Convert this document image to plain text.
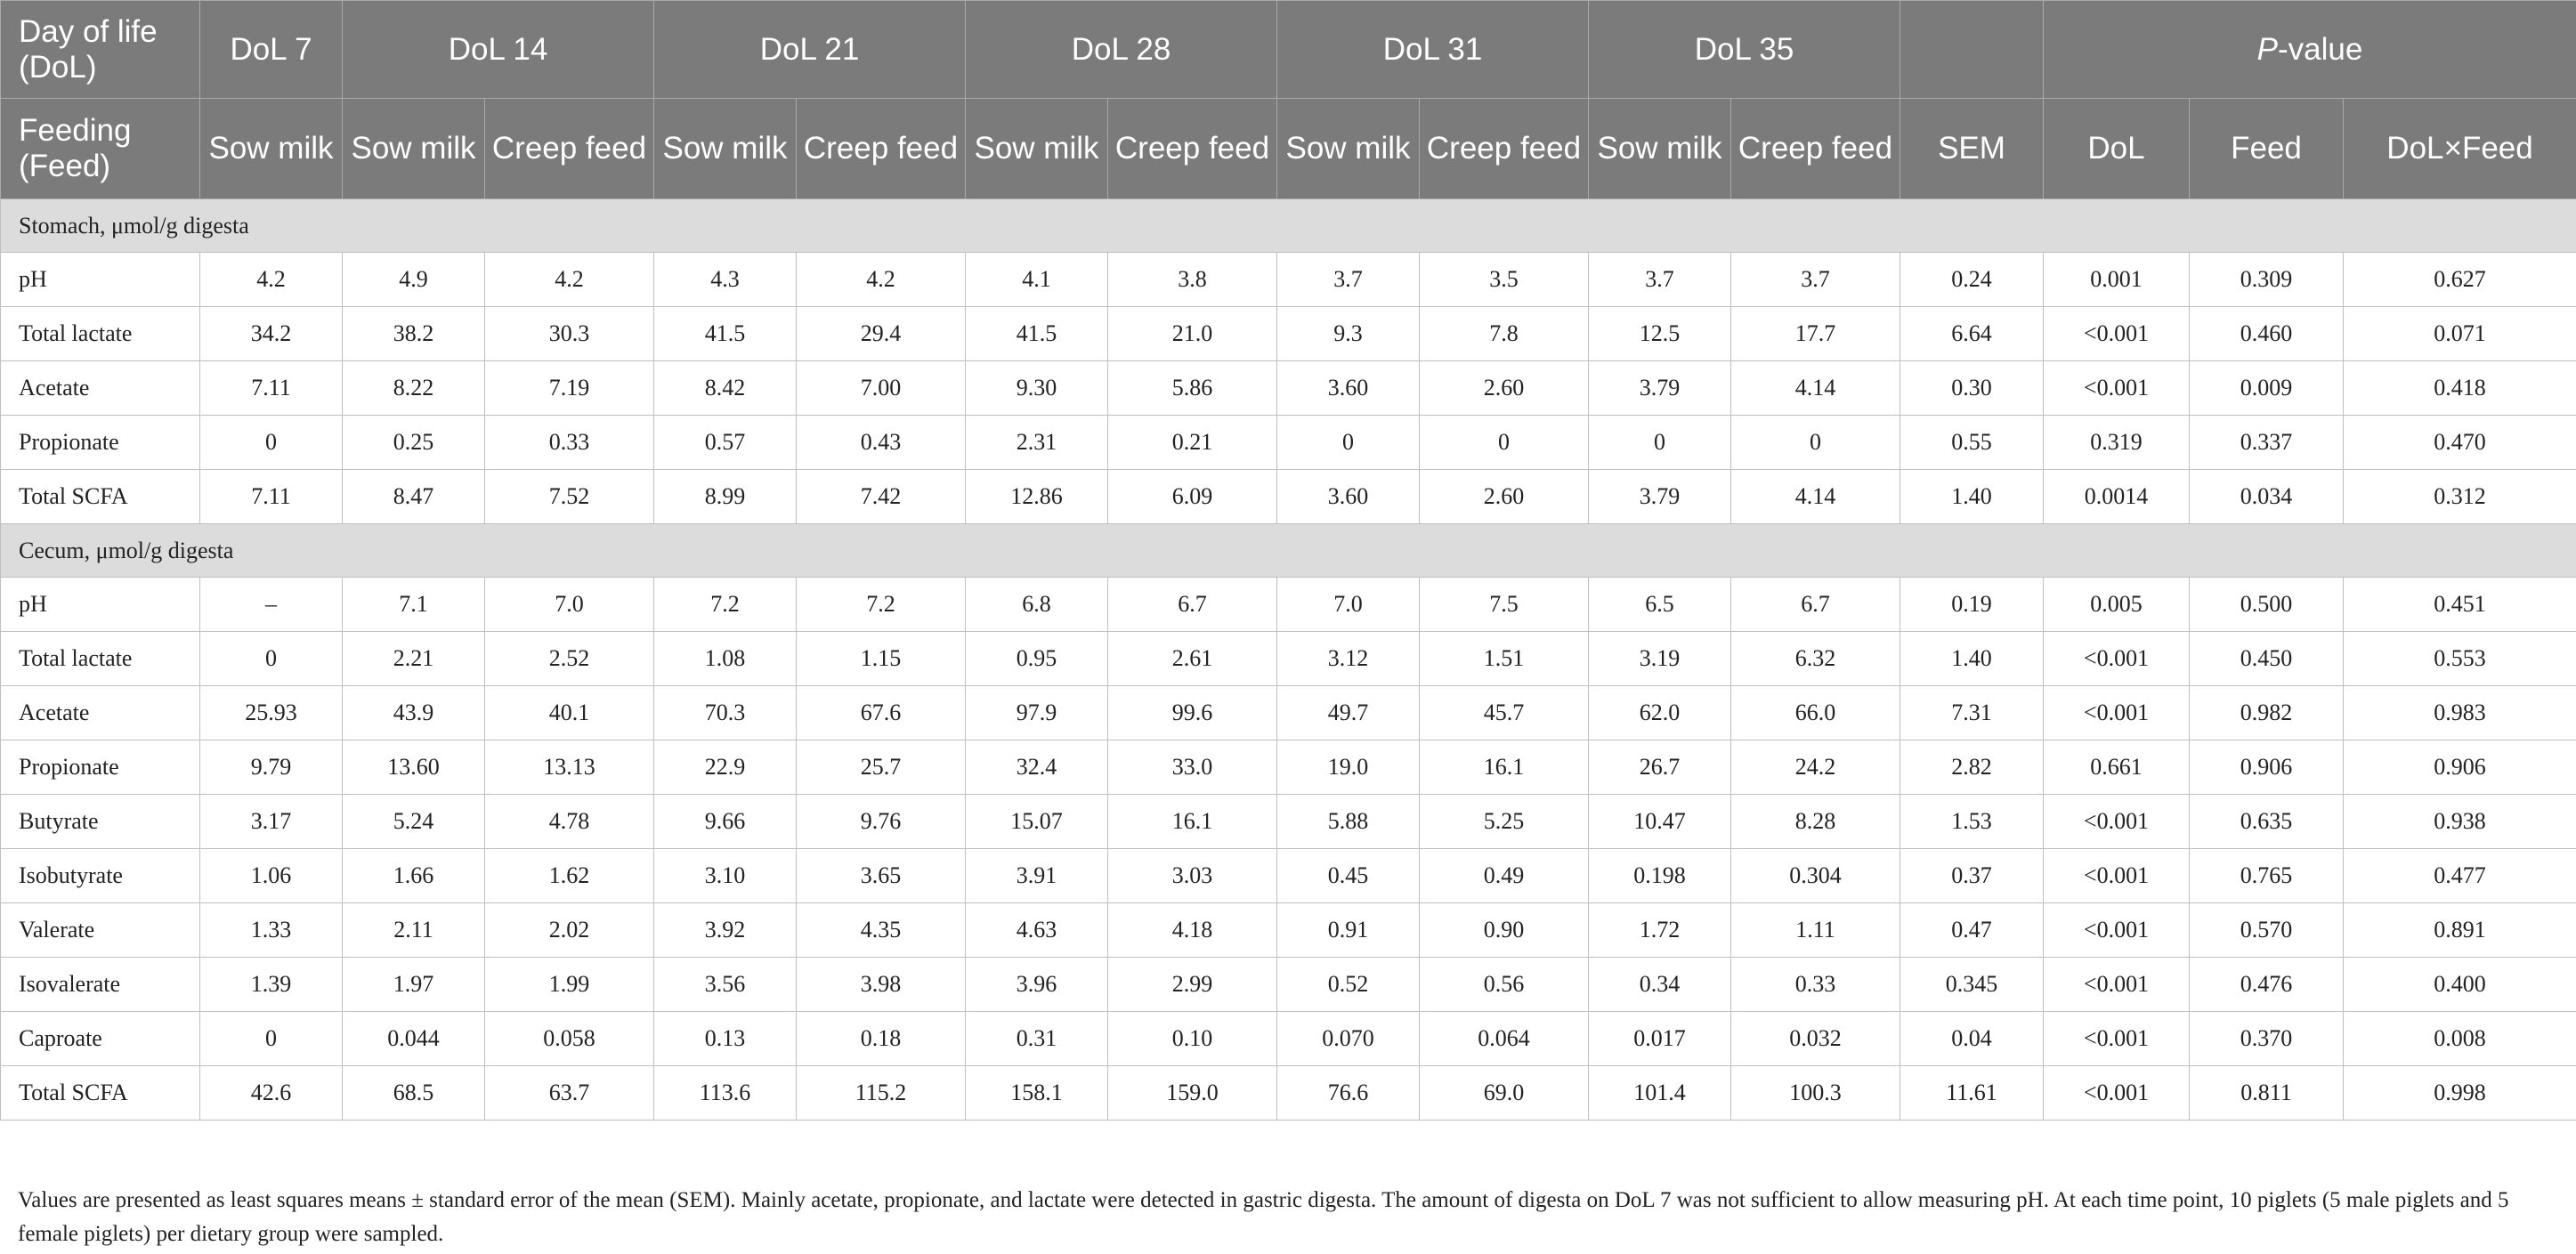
Day of life (DoL)	DoL 7	DoL 14		DoL 21		DoL 28		DoL 31		DoL 35			P-value		
Feeding (Feed)	Sow milk	Sow milk	Creep feed	Sow milk	Creep feed	Sow milk	Creep feed	Sow milk	Creep feed	Sow milk	Creep feed	SEM	DoL	Feed	DoL×Feed
Stomach, μmol/g digesta															
pH	4.2	4.9	4.2	4.3	4.2	4.1	3.8	3.7	3.5	3.7	3.7	0.24	0.001	0.309	0.627
Total lactate	34.2	38.2	30.3	41.5	29.4	41.5	21.0	9.3	7.8	12.5	17.7	6.64	<0.001	0.460	0.071
Acetate	7.11	8.22	7.19	8.42	7.00	9.30	5.86	3.60	2.60	3.79	4.14	0.30	<0.001	0.009	0.418
Propionate	0	0.25	0.33	0.57	0.43	2.31	0.21	0	0	0	0	0.55	0.319	0.337	0.470
Total SCFA	7.11	8.47	7.52	8.99	7.42	12.86	6.09	3.60	2.60	3.79	4.14	1.40	0.0014	0.034	0.312
Cecum, μmol/g digesta															
pH	–	7.1	7.0	7.2	7.2	6.8	6.7	7.0	7.5	6.5	6.7	0.19	0.005	0.500	0.451
Total lactate	0	2.21	2.52	1.08	1.15	0.95	2.61	3.12	1.51	3.19	6.32	1.40	<0.001	0.450	0.553
Acetate	25.93	43.9	40.1	70.3	67.6	97.9	99.6	49.7	45.7	62.0	66.0	7.31	<0.001	0.982	0.983
Propionate	9.79	13.60	13.13	22.9	25.7	32.4	33.0	19.0	16.1	26.7	24.2	2.82	0.661	0.906	0.906
Butyrate	3.17	5.24	4.78	9.66	9.76	15.07	16.1	5.88	5.25	10.47	8.28	1.53	<0.001	0.635	0.938
Isobutyrate	1.06	1.66	1.62	3.10	3.65	3.91	3.03	0.45	0.49	0.198	0.304	0.37	<0.001	0.765	0.477
Valerate	1.33	2.11	2.02	3.92	4.35	4.63	4.18	0.91	0.90	1.72	1.11	0.47	<0.001	0.570	0.891
Isovalerate	1.39	1.97	1.99	3.56	3.98	3.96	2.99	0.52	0.56	0.34	0.33	0.345	<0.001	0.476	0.400
Caproate	0	0.044	0.058	0.13	0.18	0.31	0.10	0.070	0.064	0.017	0.032	0.04	<0.001	0.370	0.008
Total SCFA	42.6	68.5	63.7	113.6	115.2	158.1	159.0	76.6	69.0	101.4	100.3	11.61	<0.001	0.811	0.998
Values are presented as least squares means ± standard error of the mean (SEM). Mainly acetate, propionate, and lactate were detected in gastric digesta. The amount of digesta on DoL 7 was not sufficient to allow measuring pH. At each time point, 10 piglets (5 male piglets and 5 female piglets) per dietary group were sampled.
